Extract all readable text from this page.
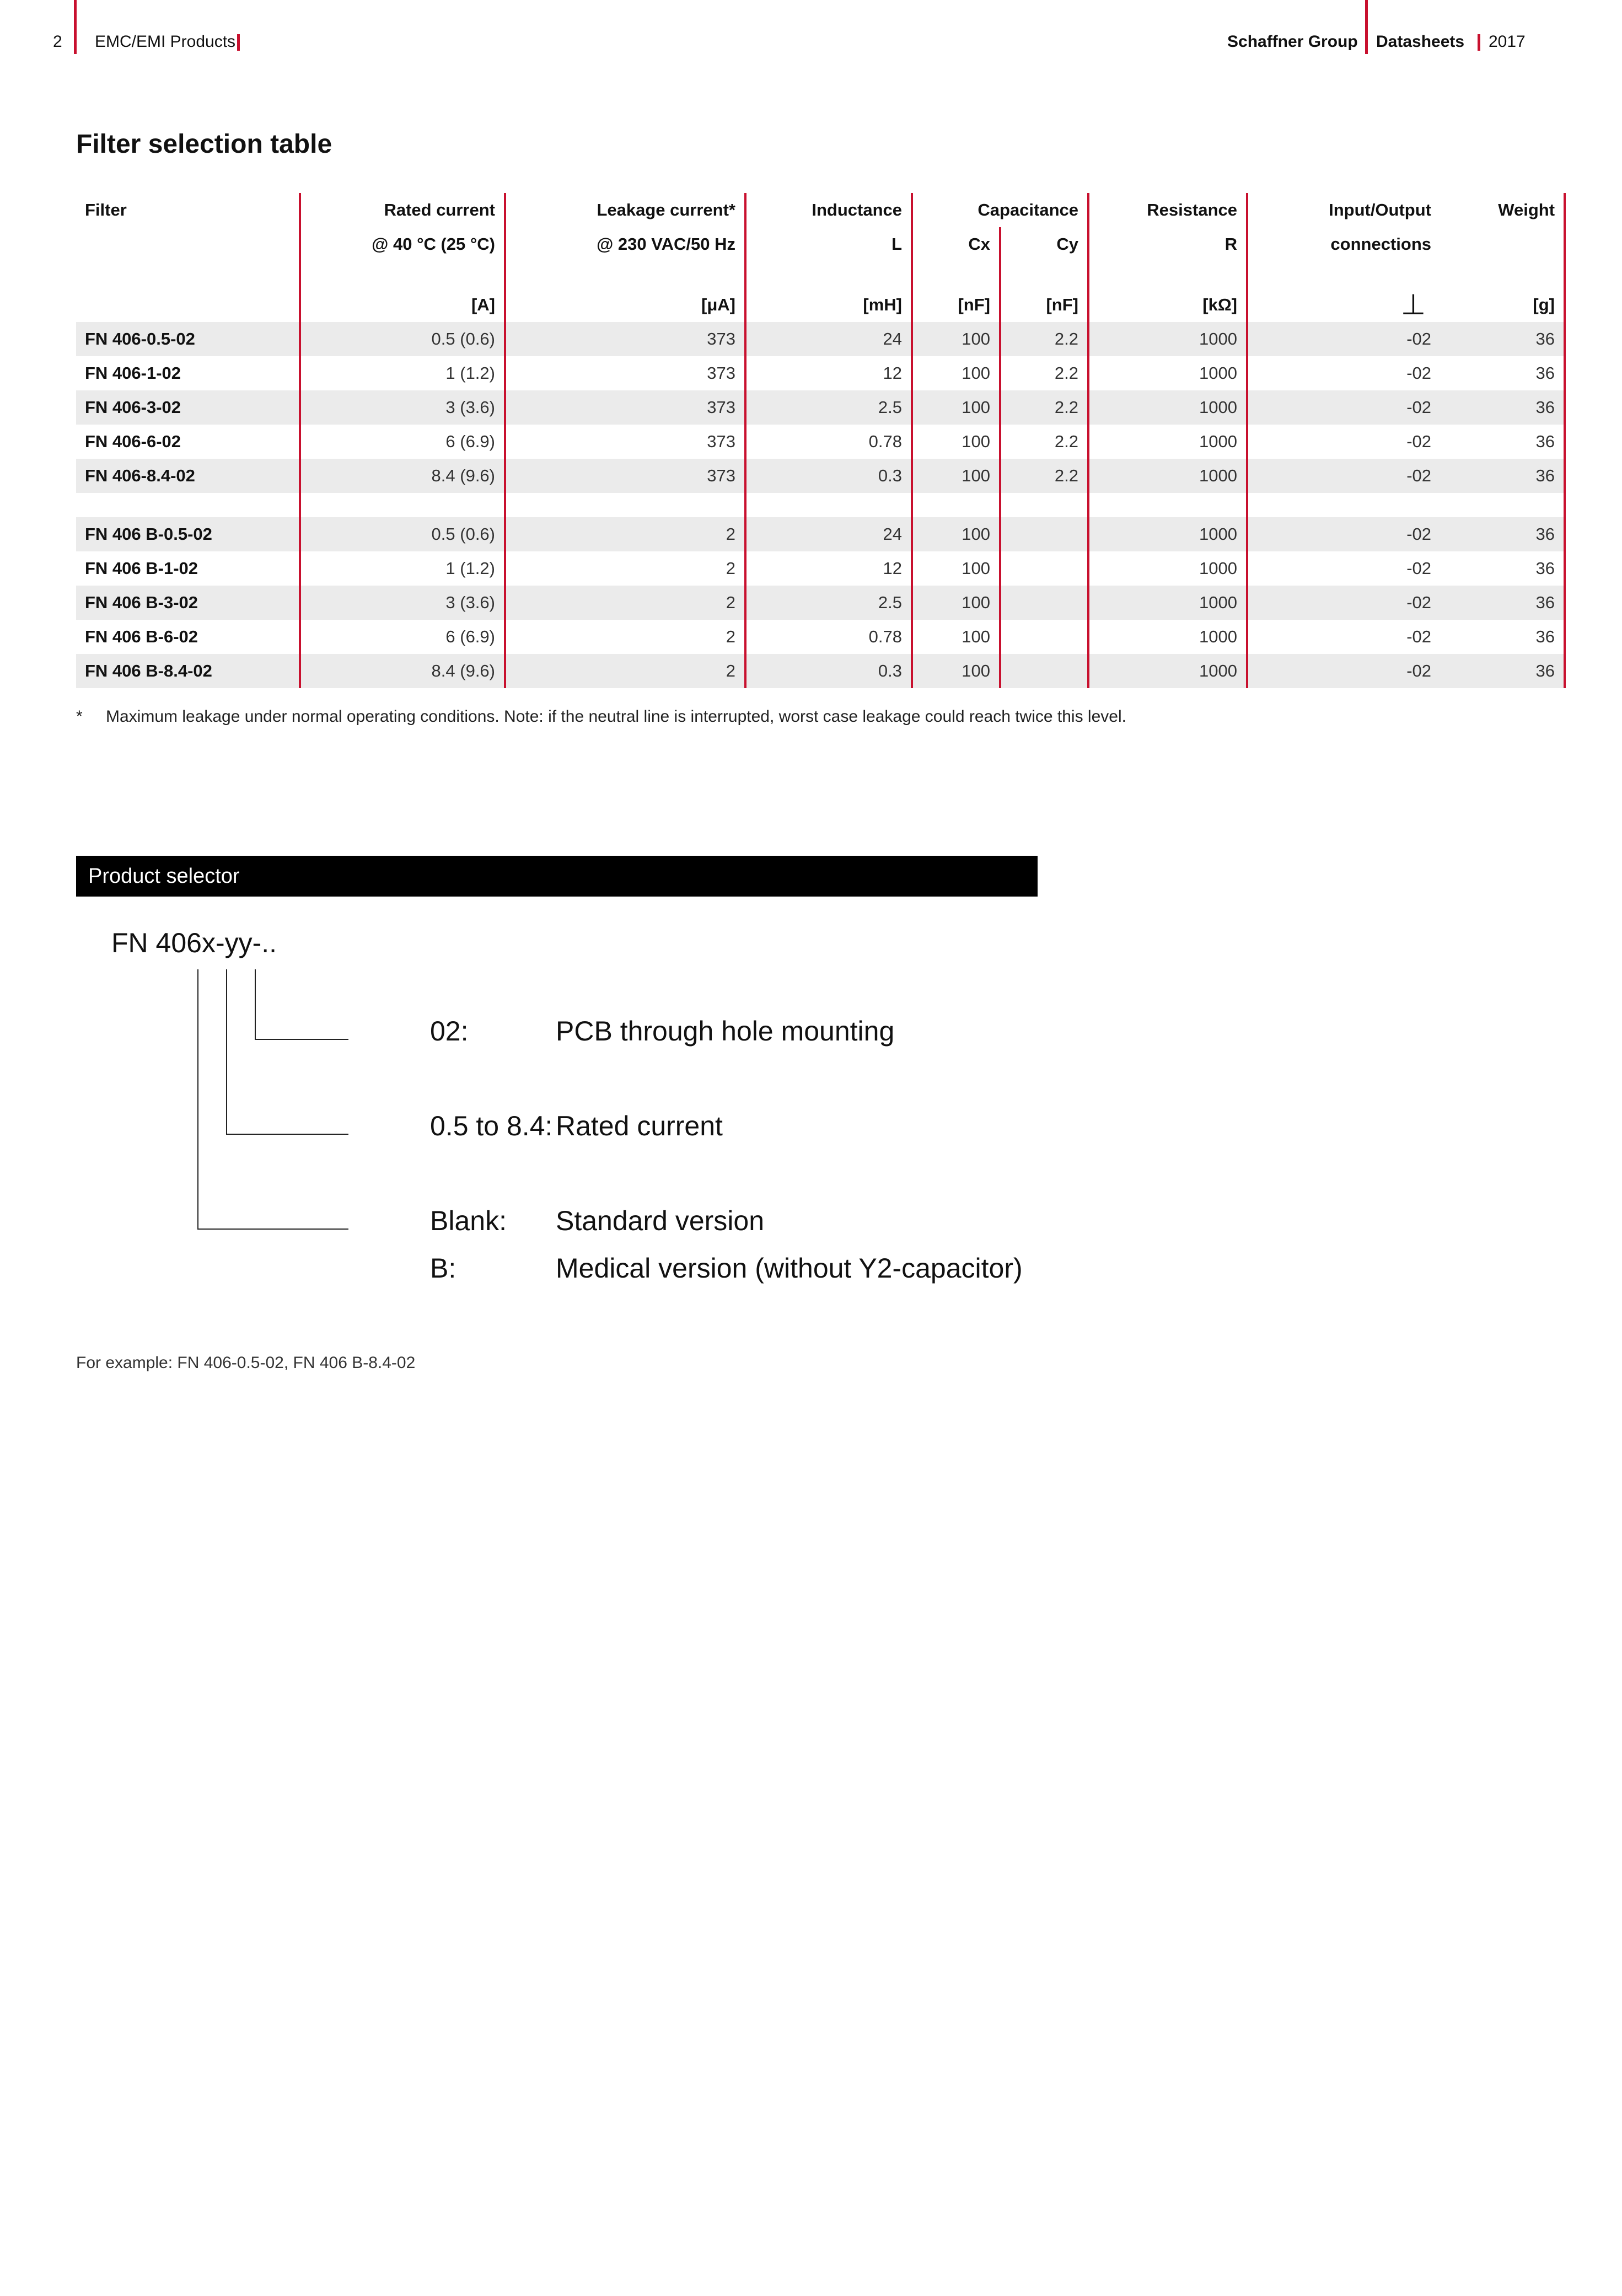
2 EMC/EMI Products	Schaffner Group Datasheets 2017
Filter selection table
Filter	Rated current	Leakage current*	Inductance	Capacitance		Resistance	Input/Output	Weight
	@ 40 °C (25 °C)	@ 230 VAC/50 Hz	L	Cx	Cy	R	connections	

	[A]	[μA]	[mH]	[nF]	[nF]	[kΩ]	⊥	[g]
FN 406-0.5-02	0.5 (0.6)	373	24	100	2.2	1000	-02	36
FN 406-1-02	1 (1.2)	373	12	100	2.2	1000	-02	36
FN 406-3-02	3 (3.6)	373	2.5	100	2.2	1000	-02	36
FN 406-6-02	6 (6.9)	373	0.78	100	2.2	1000	-02	36
FN 406-8.4-02	8.4 (9.6)	373	0.3	100	2.2	1000	-02	36

FN 406 B-0.5-02	0.5 (0.6)	2	24	100		1000	-02	36
FN 406 B-1-02	1 (1.2)	2	12	100		1000	-02	36
FN 406 B-3-02	3 (3.6)	2	2.5	100		1000	-02	36
FN 406 B-6-02	6 (6.9)	2	0.78	100		1000	-02	36
FN 406 B-8.4-02	8.4 (9.6)	2	0.3	100		1000	-02	36
* Maximum leakage under normal operating conditions. Note: if the neutral line is interrupted, worst case leakage could reach twice this level.
Product selector
FN 406x-yy-..
02:	PCB through hole mounting
0.5 to 8.4: Rated current
Blank: Standard version
B:	Medical version (without Y2-capacitor)
For example: FN 406-0.5-02, FN 406 B-8.4-02
